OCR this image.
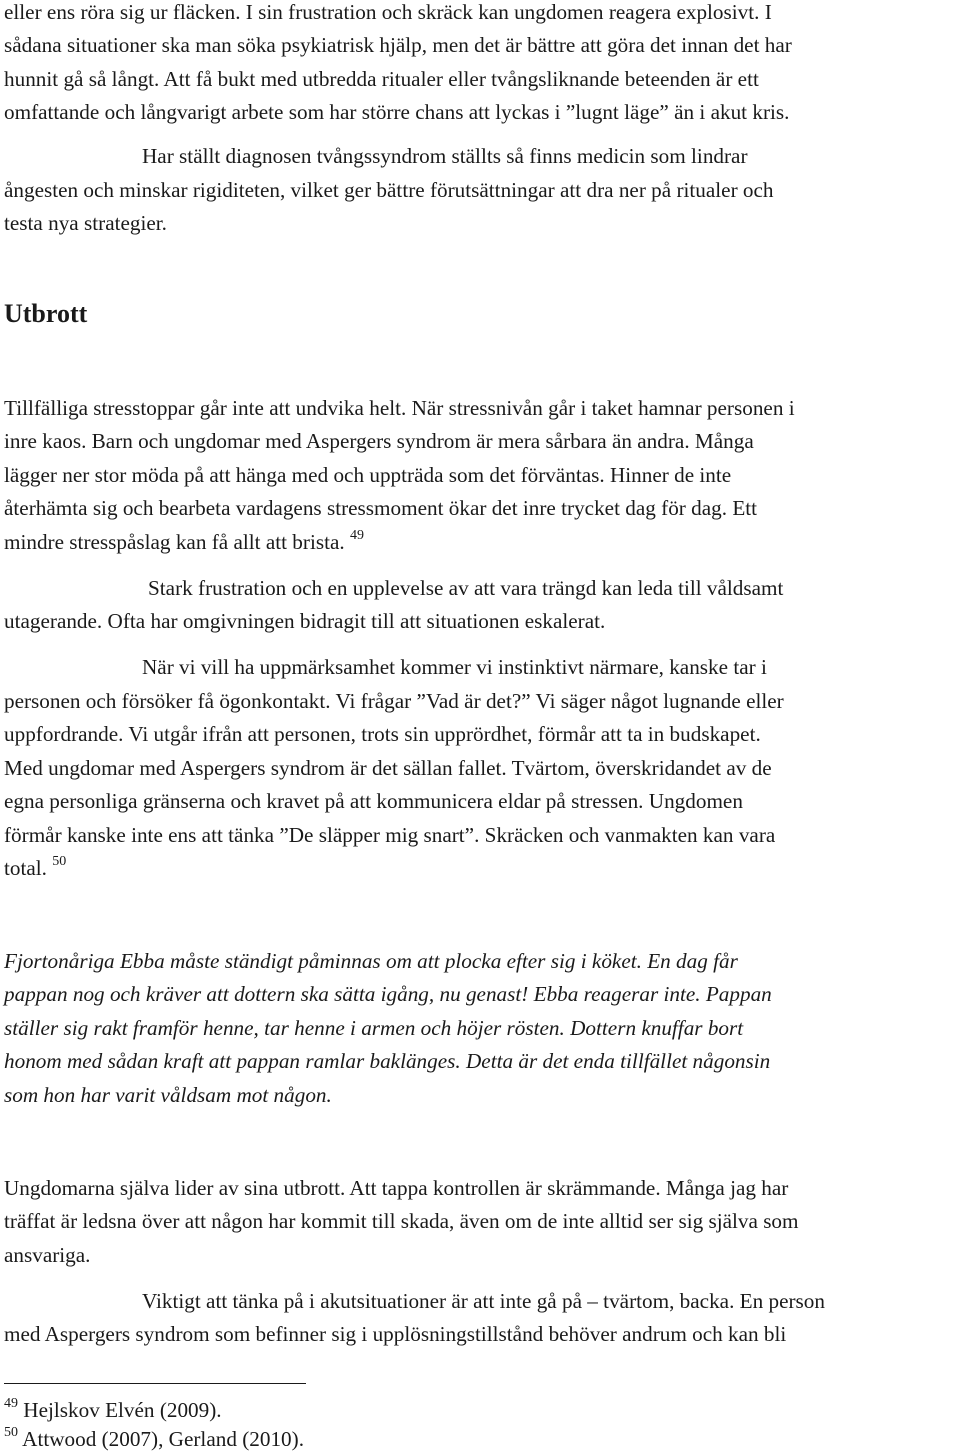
eller ens röra sig ur fläcken. I sin frustration och skräck kan ungdomen reagera explosivt. I

sådana situationer ska man söka psykiatrisk hjälp, men det är bättre att göra det innan det har

hunnit gå så långt. Att få bukt med utbredda ritualer eller tvångsliknande beteenden är ett

omfattande och långvarigt arbete som har större chans att lyckas i ”lugnt läge” än i akut kris.

Har ställt diagnosen tvångssyndrom ställts så finns medicin som lindrar

ångesten och minskar rigiditeten, vilket ger bättre förutsättningar att dra ner på ritualer och

testa nya strategier.

Utbrott

Tillfälliga stresstoppar går inte att undvika helt. När stressnivån går i taket hamnar personen i

inre kaos. Barn och ungdomar med Aspergers syndrom är mera sårbara än andra. Många

lägger ner stor möda på att hänga med och uppträda som det förväntas. Hinner de inte

återhämta sig och bearbeta vardagens stressmoment ökar det inre trycket dag för dag. Ett

mindre stresspåslag kan få allt att brista. $^{49}$

Stark frustration och en upplevelse av att vara trängd kan leda till våldsamt

utagerande. Ofta har omgivningen bidragit till att situationen eskalerat.

När vi vill ha uppmärksamhet kommer vi instinktivt närmare, kanske tar i

personen och försöker få ögonkontakt. Vi frågar ”Vad är det?” Vi säger något lugnande eller

uppfordrande. Vi utgår ifrån att personen, trots sin upprördhet, förmår att ta in budskapet.

Med ungdomar med Aspergers syndrom är det sällan fallet. Tvärtom, överskridandet av de

egna personliga gränserna och kravet på att kommunicera eldar på stressen. Ungdomen

förmår kanske inte ens att tänka ”De släpper mig snart”. Skräcken och vanmakten kan vara

total. $^{50}$

Fjortonåriga Ebba måste ständigt påminnas om att plocka efter sig i köket. En dag får

pappan nog och kräver att dottern ska sätta igång, nu genast! Ebba reagerar inte. Pappan

ställer sig rakt framför henne, tar henne i armen och höjer rösten. Dottern knuffar bort

honom med sådan kraft att pappan ramlar baklänges. Detta är det enda tillfället någonsin

som hon har varit våldsam mot någon.

Ungdomarna själva lider av sina utbrott. Att tappa kontrollen är skrämmande. Många jag har

träffat är ledsna över att någon har kommit till skada, även om de inte alltid ser sig själva som

ansvariga.

Viktigt att tänka på i akutsituationer är att inte gå på – tvärtom, backa. En person

med Aspergers syndrom som befinner sig i upplösningstillstånd behöver andrum och kan bli

$^{49}$ Hejlskov Elvén (2009).
$^{50}$ Attwood (2007), Gerland (2010).
